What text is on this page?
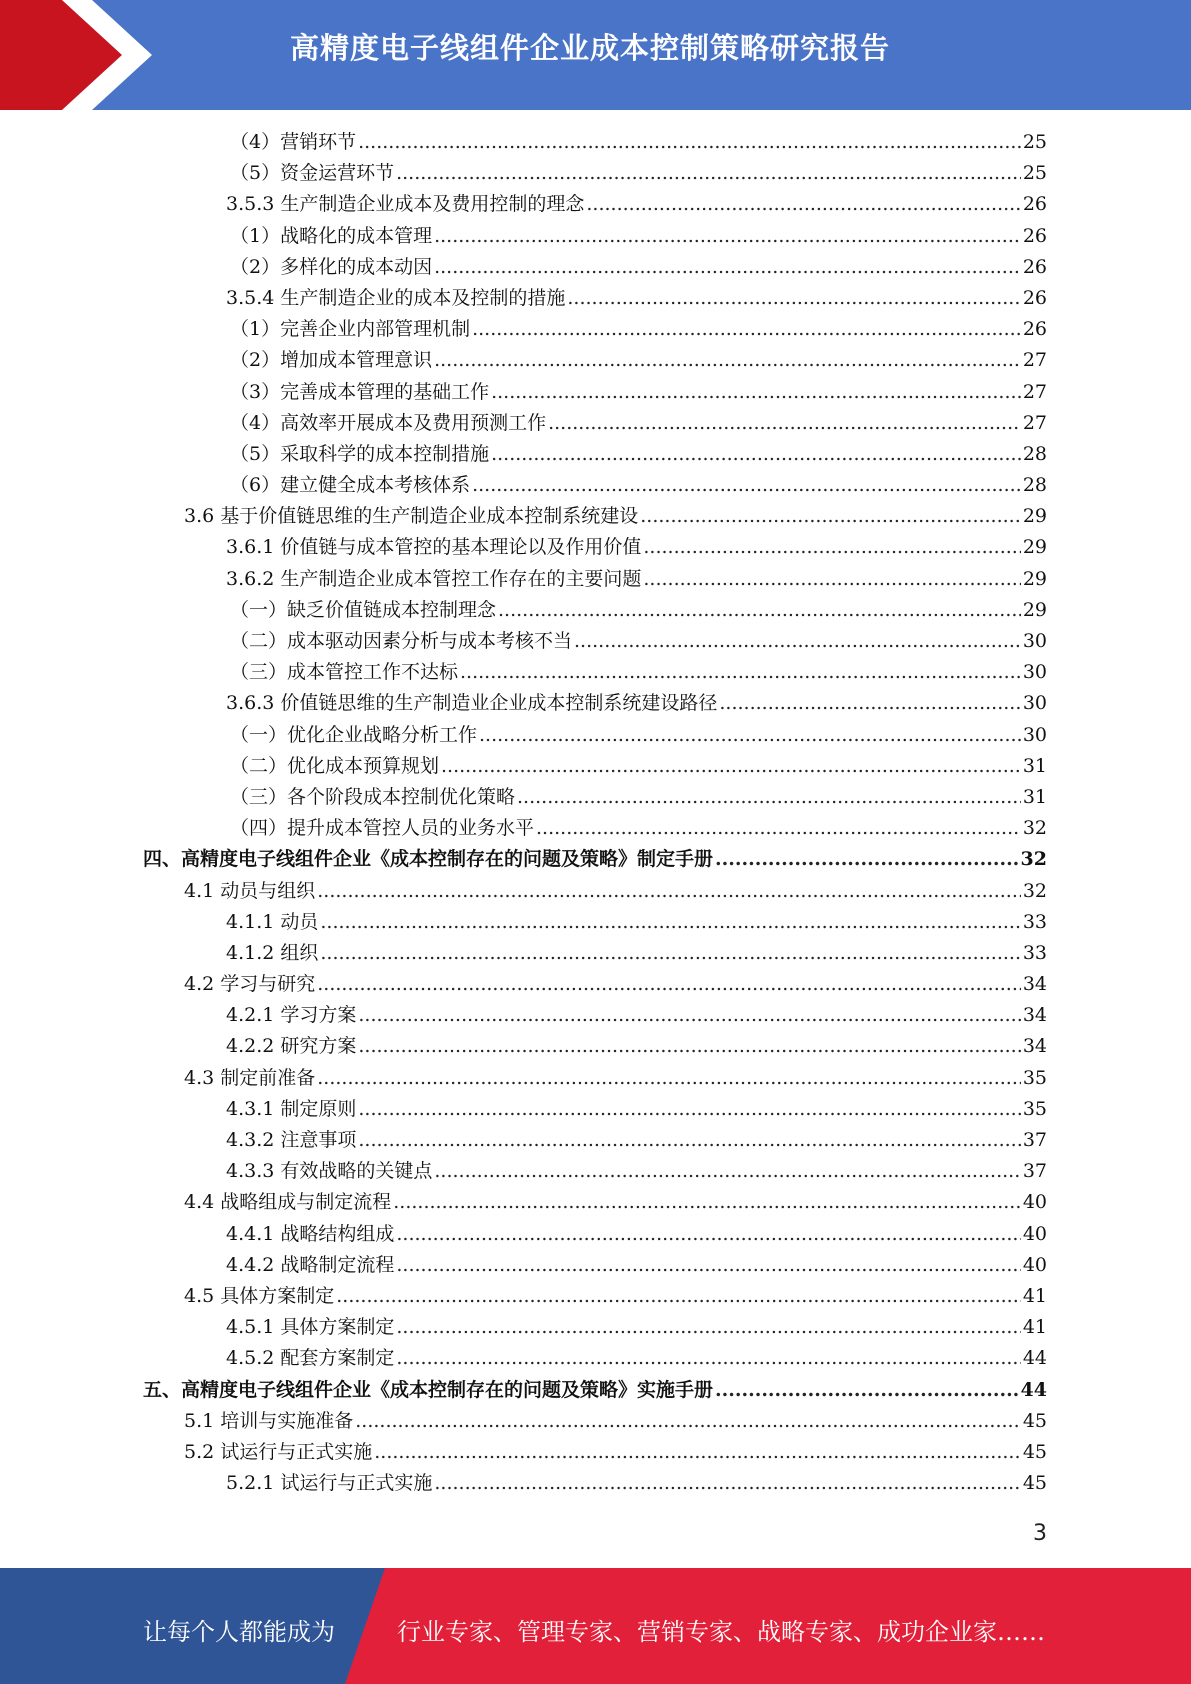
高精度电子线组件企业成本控制策略研究报告
（4）营销环节 .....	25
（5）资金运营环节 .....	25
3.5.3 生产制造企业成本及费用控制的理念 .....	26
（1）战略化的成本管理 .....	26
（2）多样化的成本动因 .....	26
3.5.4 生产制造企业的成本及控制的措施 .....	26
（1）完善企业内部管理机制 .....	26
（2）增加成本管理意识 .....	27
（3）完善成本管理的基础工作 .....	27
（4）高效率开展成本及费用预测工作 .....	27
（5）采取科学的成本控制措施 .....	28
（6）建立健全成本考核体系 .....	28
3.6 基于价值链思维的生产制造企业成本控制系统建设 .....	29
3.6.1 价值链与成本管控的基本理论以及作用价值 .....	29
3.6.2 生产制造企业成本管控工作存在的主要问题 .....	29
（一）缺乏价值链成本控制理念 .....	29
（二）成本驱动因素分析与成本考核不当 .....	30
（三）成本管控工作不达标 .....	30
3.6.3 价值链思维的生产制造业企业成本控制系统建设路径 .....	30
（一）优化企业战略分析工作 .....	30
（二）优化成本预算规划 .....	31
（三）各个阶段成本控制优化策略 .....	31
（四）提升成本管控人员的业务水平 .....	32
四、高精度电子线组件企业《成本控制存在的问题及策略》制定手册 .....	32
4.1 动员与组织 .....	32
4.1.1 动员 .....	33
4.1.2 组织 .....	33
4.2 学习与研究 .....	34
4.2.1 学习方案 .....	34
4.2.2 研究方案 .....	34
4.3 制定前准备 .....	35
4.3.1 制定原则 .....	35
4.3.2 注意事项 .....	37
4.3.3 有效战略的关键点 .....	37
4.4 战略组成与制定流程 .....	40
4.4.1 战略结构组成 .....	40
4.4.2 战略制定流程 .....	40
4.5 具体方案制定 .....	41
4.5.1 具体方案制定 .....	41
4.5.2 配套方案制定 .....	44
五、高精度电子线组件企业《成本控制存在的问题及策略》实施手册 .....	44
5.1 培训与实施准备 .....	45
5.2 试运行与正式实施 .....	45
5.2.1 试运行与正式实施 .....	45
3
让每个人都能成为	行业专家、管理专家、营销专家、战略专家、成功企业家……
